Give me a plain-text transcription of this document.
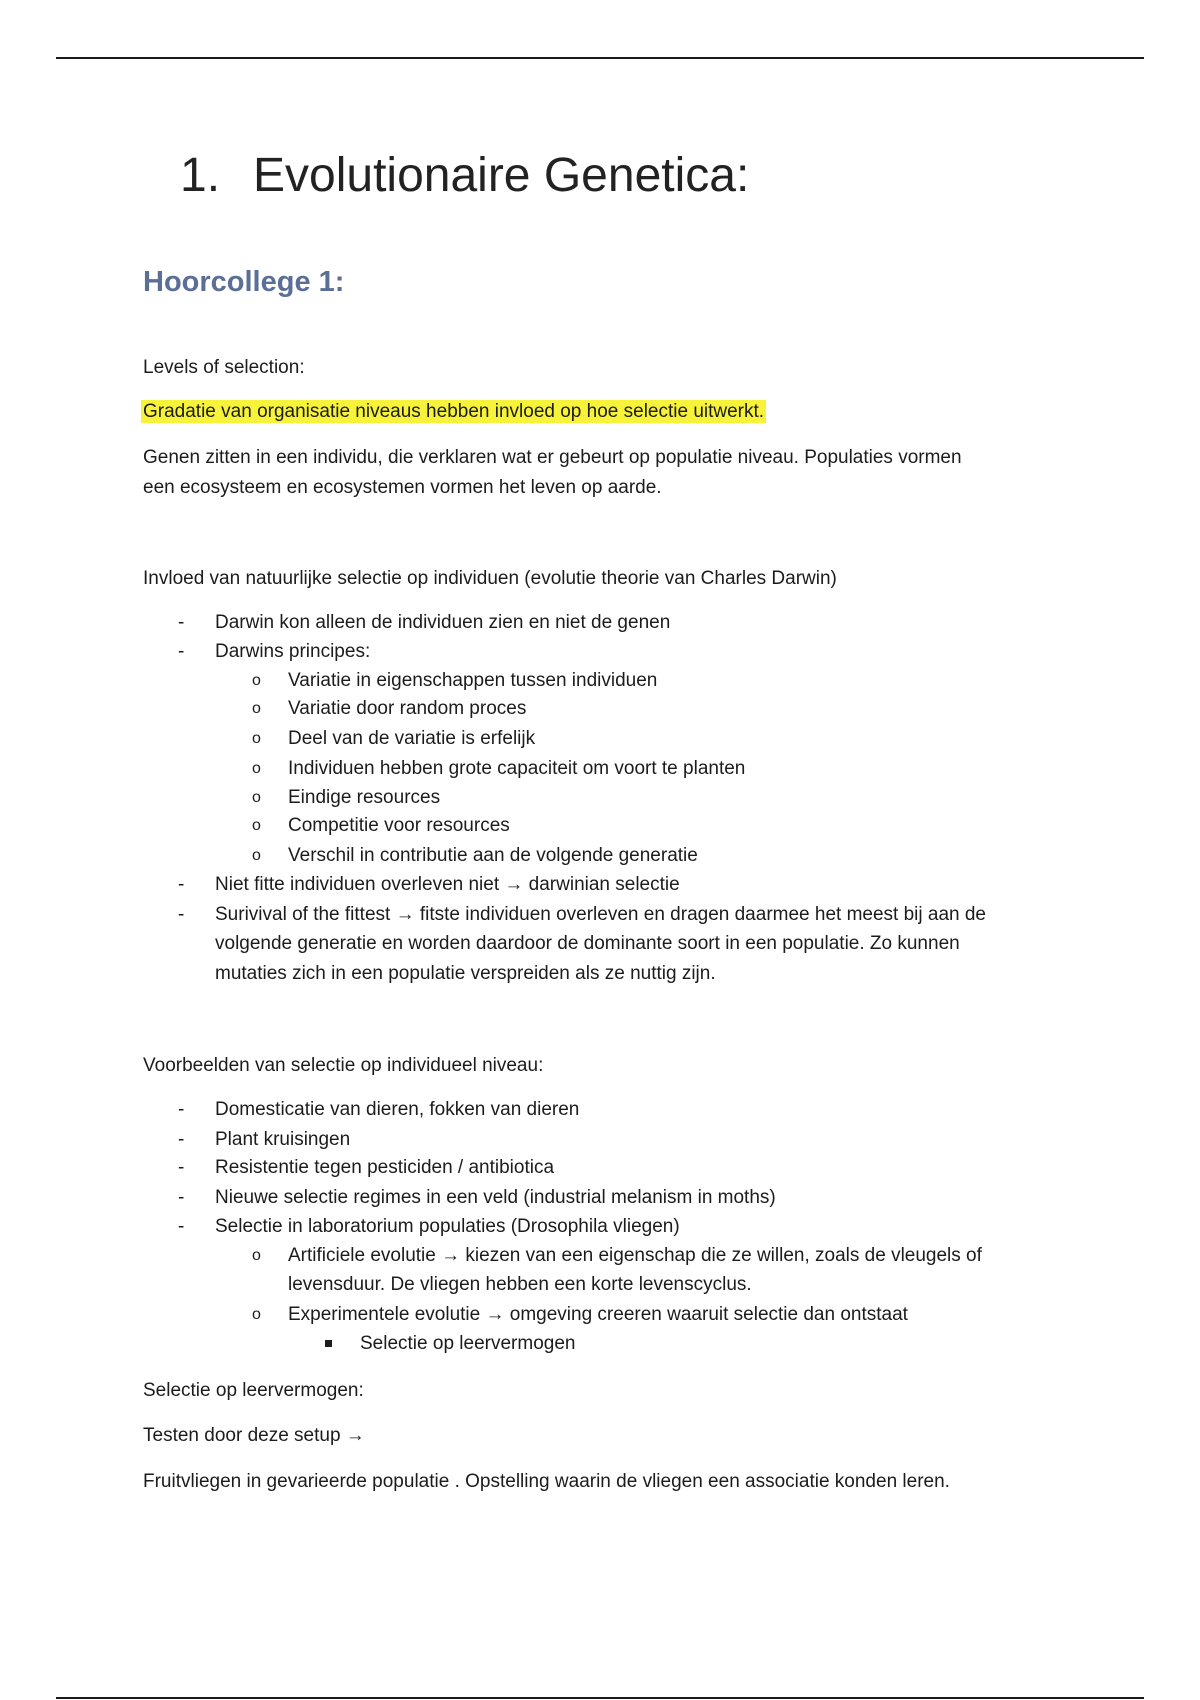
1. Evolutionaire Genetica:
Hoorcollege 1:
Levels of selection:
Gradatie van organisatie niveaus hebben invloed op hoe selectie uitwerkt.
Genen zitten in een individu, die verklaren wat er gebeurt op populatie niveau. Populaties vormen
een ecosysteem en ecosystemen vormen het leven op aarde.
Invloed van natuurlijke selectie op individuen (evolutie theorie van Charles Darwin)
- Darwin kon alleen de individuen zien en niet de genen
- Darwins principes:
o Variatie in eigenschappen tussen individuen
o Variatie door random proces
o Deel van de variatie is erfelijk
o Individuen hebben grote capaciteit om voort te planten
o Eindige resources
o Competitie voor resources
o Verschil in contributie aan de volgende generatie
- Niet fitte individuen overleven niet → darwinian selectie
- Surivival of the fittest → fitste individuen overleven en dragen daarmee het meest bij aan de
volgende generatie en worden daardoor de dominante soort in een populatie. Zo kunnen
mutaties zich in een populatie verspreiden als ze nuttig zijn.
Voorbeelden van selectie op individueel niveau:
- Domesticatie van dieren, fokken van dieren
- Plant kruisingen
- Resistentie tegen pesticiden / antibiotica
- Nieuwe selectie regimes in een veld (industrial melanism in moths)
- Selectie in laboratorium populaties (Drosophila vliegen)
o Artificiele evolutie → kiezen van een eigenschap die ze willen, zoals de vleugels of
levensduur. De vliegen hebben een korte levenscyclus.
o Experimentele evolutie → omgeving creeren waaruit selectie dan ontstaat
Selectie op leervermogen
Selectie op leervermogen:
Testen door deze setup →
Fruitvliegen in gevarieerde populatie . Opstelling waarin de vliegen een associatie konden leren.
